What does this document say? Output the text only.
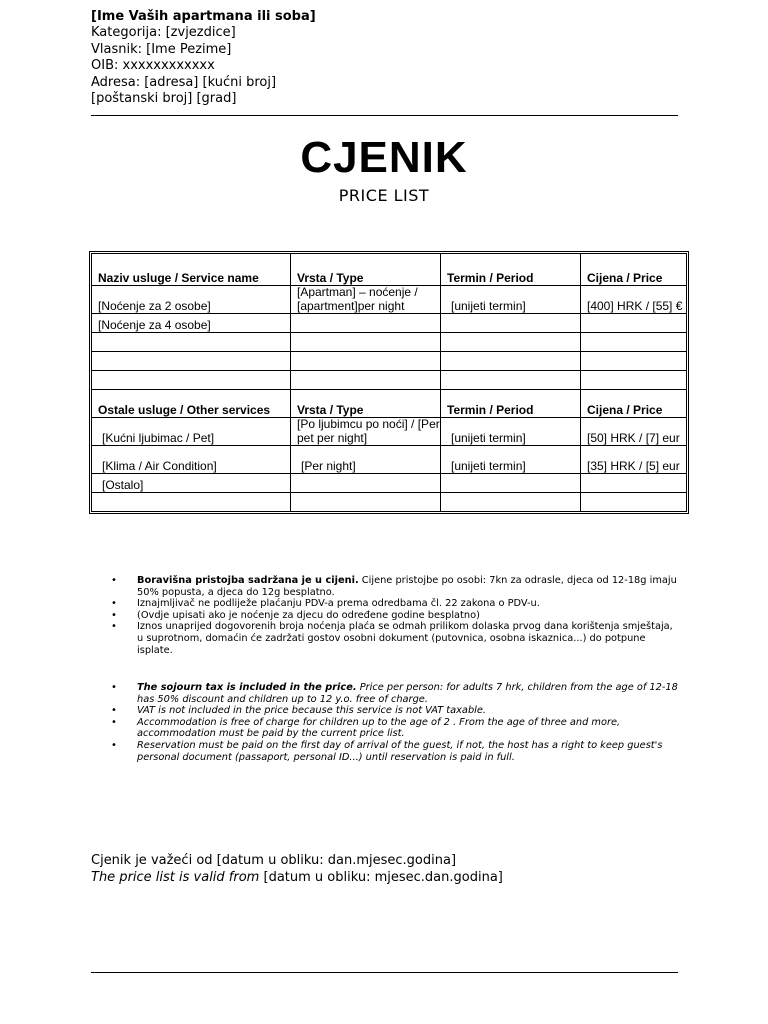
[Ime Vaših apartmana ili soba]
Kategorija: [zvjezdice]
Vlasnik: [Ime Pezime]
OIB: xxxxxxxxxxxx
Adresa: [adresa] [kućni broj]
[poštanski broj] [grad]
CJENIK
PRICE LIST
Naziv usluge / Service name	Vrsta / Type	Termin / Period	Cijena / Price
[Noćenje za 2 osobe]	[Apartman] – noćenje / [apartment]per night	[unijeti termin]	[400] HRK / [55] €
[Noćenje za 4 osobe]			

Ostale usluge / Other services	Vrsta / Type	Termin / Period	Cijena / Price
[Kućni ljubimac / Pet]	[Po ljubimcu po noći] / [Per pet per night]	[unijeti termin]	[50] HRK / [7] eur
[Klima / Air Condition]	[Per night]	[unijeti termin]	[35] HRK / [5] eur
[Ostalo]			

• Boravišna pristojba sadržana je u cijeni. Cijene pristojbe po osobi: 7kn za odrasle, djeca od 12-18g imaju 50% popusta, a djeca do 12g besplatno.
• Iznajmljivač ne podliježe plaćanju PDV-a prema odredbama čl. 22 zakona o PDV-u.
• (Ovdje upisati ako je noćenje za djecu do određene godine besplatno)
• Iznos unaprijed dogovorenih broja noćenja plaća se odmah prilikom dolaska prvog dana korištenja smještaja, u suprotnom, domaćin će zadržati gostov osobni dokument (putovnica, osobna iskaznica...) do potpune isplate.
• The sojourn tax is included in the price. Price per person: for adults 7 hrk, children from the age of 12-18 has 50% discount and children up to 12 y.o. free of charge.
• VAT is not included in the price because this service is not VAT taxable.
• Accommodation is free of charge for children up to the age of 2 . From the age of three and more, accommodation must be paid by the current price list.
• Reservation must be paid on the first day of arrival of the guest, if not, the host has a right to keep guest's personal document (passaport, personal ID...) until reservation is paid in full.
Cjenik je važeći od [datum u obliku: dan.mjesec.godina]
The price list is valid from [datum u obliku: mjesec.dan.godina]
